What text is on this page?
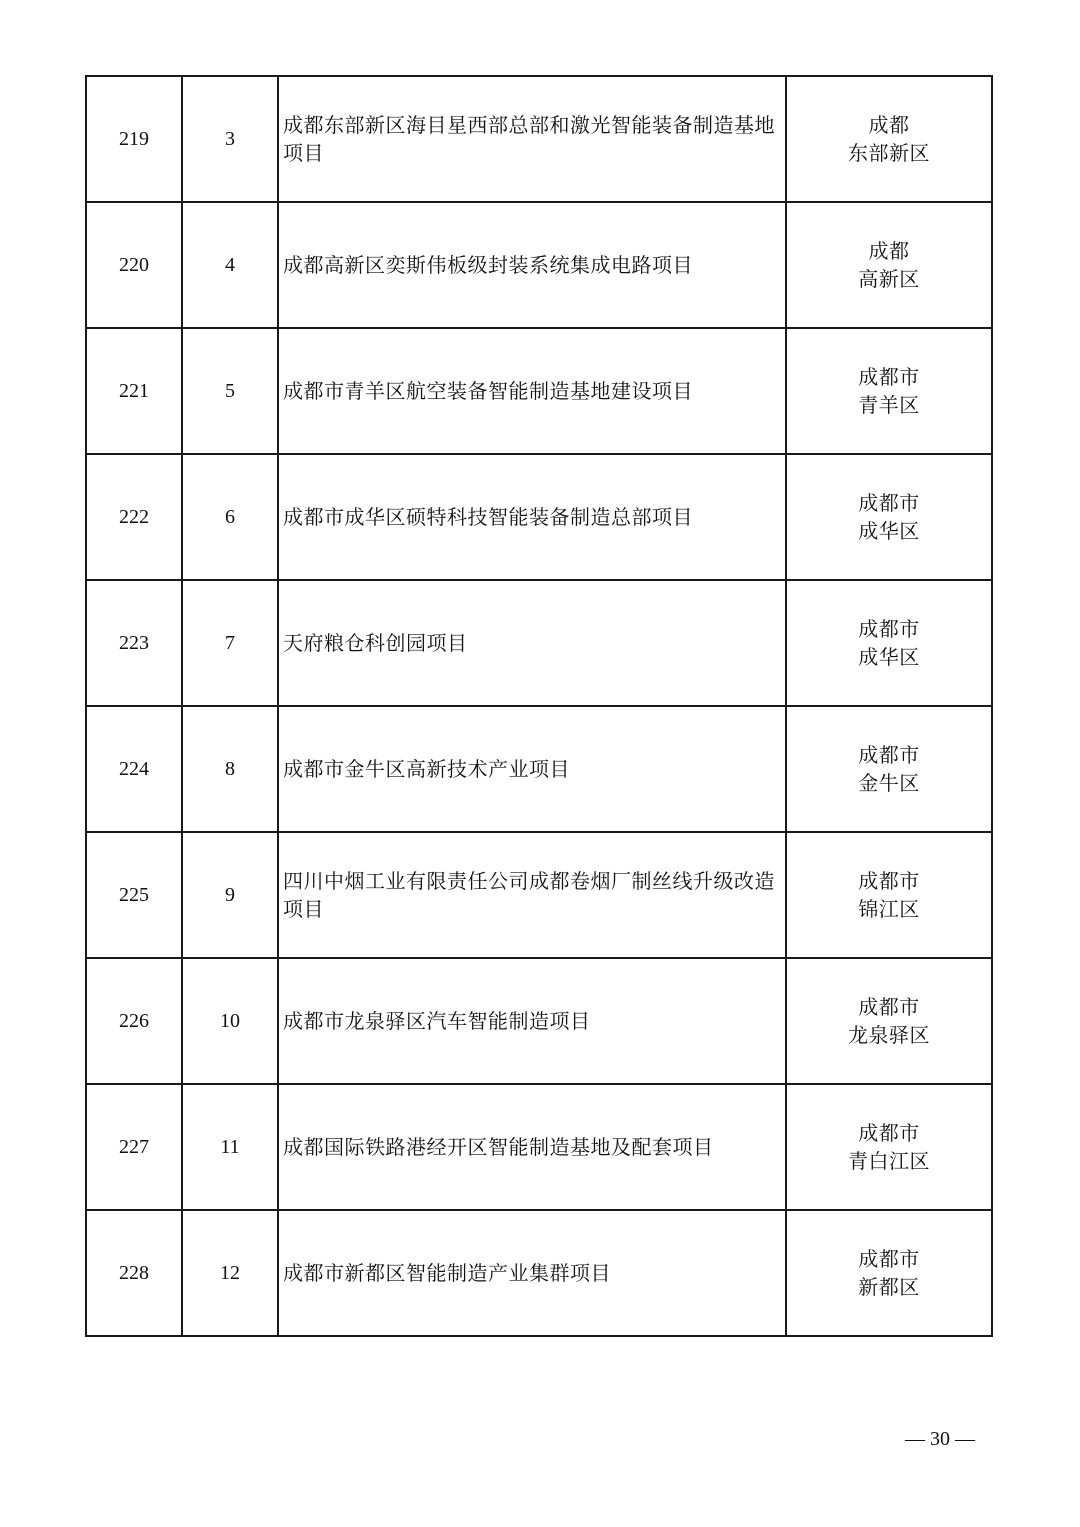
219	3	成都东部新区海目星西部总部和激光智能装备制造基地项目	成都
东部新区

220	4	成都高新区奕斯伟板级封装系统集成电路项目	成都
高新区

221	5	成都市青羊区航空装备智能制造基地建设项目	成都市
青羊区

222	6	成都市成华区硕特科技智能装备制造总部项目	成都市
成华区

223	7	天府粮仓科创园项目	成都市
成华区

224	8	成都市金牛区高新技术产业项目	成都市
金牛区

225	9	四川中烟工业有限责任公司成都卷烟厂制丝线升级改造项目	成都市
锦江区

226	10	成都市龙泉驿区汽车智能制造项目	成都市
龙泉驿区

227	11	成都国际铁路港经开区智能制造基地及配套项目	成都市
青白江区

228	12	成都市新都区智能制造产业集群项目	成都市
新都区
— 30 —
